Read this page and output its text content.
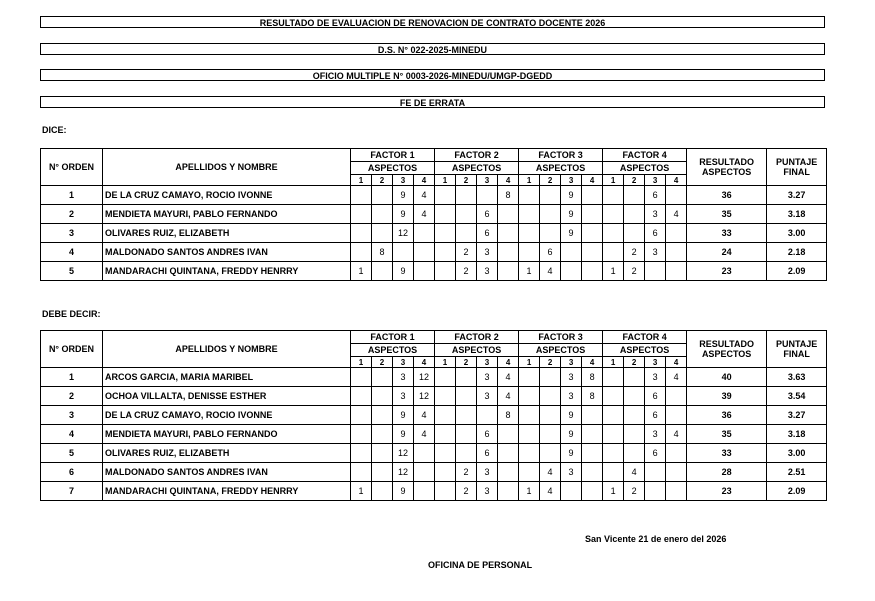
RESULTADO DE EVALUACION DE RENOVACION DE CONTRATO DOCENTE 2026
D.S. N° 022-2025-MINEDU
OFICIO MULTIPLE N° 0003-2026-MINEDU/UMGP-DGEDD
FE DE ERRATA
DICE:
N° ORDEN	APELLIDOS Y NOMBRE	FACTOR 1				FACTOR 2				FACTOR 3				FACTOR 4				RESULTADO ASPECTOS	PUNTAJE FINAL
		ASPECTOS				ASPECTOS				ASPECTOS				ASPECTOS					
		1	2	3	4	1	2	3	4	1	2	3	4	1	2	3	4		
1	DE LA CRUZ CAMAYO, ROCIO IVONNE			9	4				8			9				6		36	3.27
2	MENDIETA MAYURI, PABLO FERNANDO			9	4			6				9				3	4	35	3.18
3	OLIVARES RUIZ, ELIZABETH			12				6				9				6		33	3.00
4	MALDONADO SANTOS ANDRES IVAN		8				2	3			6				2	3		24	2.18
5	MANDARACHI QUINTANA, FREDDY HENRRY	1		9			2	3		1	4			1	2			23	2.09
DEBE DECIR:
N° ORDEN	APELLIDOS Y NOMBRE	FACTOR 1				FACTOR 2				FACTOR 3				FACTOR 4				RESULTADO ASPECTOS	PUNTAJE FINAL
		ASPECTOS				ASPECTOS				ASPECTOS				ASPECTOS					
		1	2	3	4	1	2	3	4	1	2	3	4	1	2	3	4		
1	ARCOS GARCIA, MARIA MARIBEL			3	12			3	4			3	8			3	4	40	3.63
2	OCHOA VILLALTA, DENISSE ESTHER			3	12			3	4			3	8			6		39	3.54
3	DE LA CRUZ CAMAYO, ROCIO IVONNE			9	4				8			9				6		36	3.27
4	MENDIETA MAYURI, PABLO FERNANDO			9	4			6				9				3	4	35	3.18
5	OLIVARES RUIZ, ELIZABETH			12				6				9				6		33	3.00
6	MALDONADO SANTOS ANDRES IVAN			12			2	3			4	3			4			28	2.51
7	MANDARACHI QUINTANA, FREDDY HENRRY	1		9			2	3		1	4			1	2			23	2.09
San Vicente 21 de enero del 2026
OFICINA DE PERSONAL
